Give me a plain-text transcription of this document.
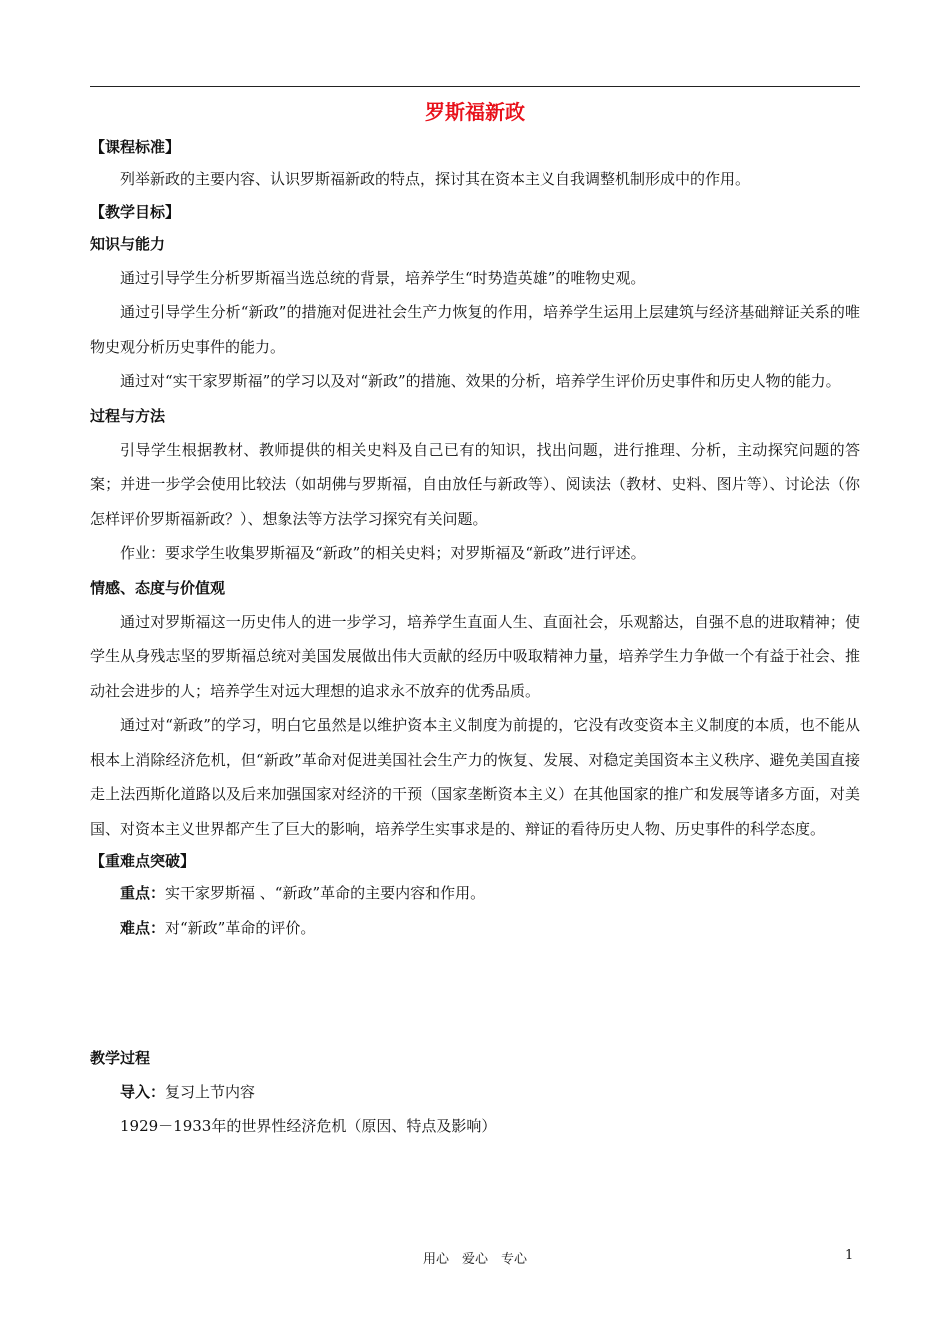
罗斯福新政
【课程标准】

列举新政的主要内容、认识罗斯福新政的特点，探讨其在资本主义自我调整机制形成中的作用。

【教学目标】
知识与能力

通过引导学生分析罗斯福当选总统的背景，培养学生“时势造英雄”的唯物史观。

通过引导学生分析“新政”的措施对促进社会生产力恢复的作用，培养学生运用上层建筑与经济基础辩证关系的唯物史观分析历史事件的能力。

通过对“实干家罗斯福”的学习以及对“新政”的措施、效果的分析，培养学生评价历史事件和历史人物的能力。

过程与方法

引导学生根据教材、教师提供的相关史料及自己已有的知识，找出问题，进行推理、分析，主动探究问题的答案；并进一步学会使用比较法（如胡佛与罗斯福，自由放任与新政等）、阅读法（教材、史料、图片等）、讨论法（你怎样评价罗斯福新政？）、想象法等方法学习探究有关问题。

作业：要求学生收集罗斯福及“新政”的相关史料；对罗斯福及“新政”进行评述。

情感、态度与价值观

通过对罗斯福这一历史伟人的进一步学习，培养学生直面人生、直面社会，乐观豁达，自强不息的进取精神；使学生从身残志坚的罗斯福总统对美国发展做出伟大贡献的经历中吸取精神力量，培养学生力争做一个有益于社会、推动社会进步的人；培养学生对远大理想的追求永不放弃的优秀品质。

通过对“新政”的学习，明白它虽然是以维护资本主义制度为前提的，它没有改变资本主义制度的本质，也不能从根本上消除经济危机，但“新政”革命对促进美国社会生产力的恢复、发展、对稳定美国资本主义秩序、避免美国直接走上法西斯化道路以及后来加强国家对经济的干预（国家垄断资本主义）在其他国家的推广和发展等诸多方面，对美国、对资本主义世界都产生了巨大的影响，培养学生实事求是的、辩证的看待历史人物、历史事件的科学态度。

【重难点突破】

重点：实干家罗斯福 、“新政”革命的主要内容和作用。

难点：对“新政”革命的评价。

教学过程

导入：复习上节内容

1929－1933年的世界性经济危机（原因、特点及影响）

用心　爱心　专心	1
